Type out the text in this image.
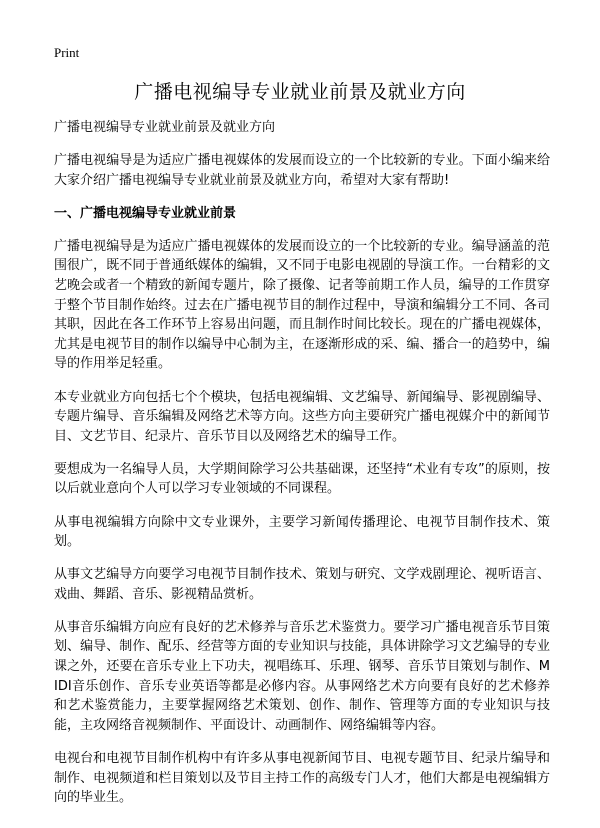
Print
广播电视编导专业就业前景及就业方向

广播电视编导专业就业前景及就业方向

广播电视编导是为适应广播电视媒体的发展而设立的一个比较新的专业。下面小编来给大家介绍广播电视编导专业就业前景及就业方向，希望对大家有帮助!

一、广播电视编导专业就业前景

广播电视编导是为适应广播电视媒体的发展而设立的一个比较新的专业。编导涵盖的范围很广，既不同于普通纸媒体的编辑，又不同于电影电视剧的导演工作。一台精彩的文艺晚会或者一个精致的新闻专题片，除了摄像、记者等前期工作人员，编导的工作贯穿于整个节目制作始终。过去在广播电视节目的制作过程中，导演和编辑分工不同、各司其职，因此在各工作环节上容易出问题，而且制作时间比较长。现在的广播电视媒体，尤其是电视节目的制作以编导中心制为主，在逐渐形成的采、编、播合一的趋势中，编导的作用举足轻重。

本专业就业方向包括七个个模块，包括电视编辑、文艺编导、新闻编导、影视剧编导、专题片编导、音乐编辑及网络艺术等方向。这些方向主要研究广播电视媒介中的新闻节目、文艺节目、纪录片、音乐节目以及网络艺术的编导工作。

要想成为一名编导人员，大学期间除学习公共基础课，还坚持“术业有专攻”的原则，按以后就业意向个人可以学习专业领域的不同课程。

从事电视编辑方向除中文专业课外，主要学习新闻传播理论、电视节目制作技术、策划。

从事文艺编导方向要学习电视节目制作技术、策划与研究、文学戏剧理论、视听语言、戏曲、舞蹈、音乐、影视精品赏析。

从事音乐编辑方向应有良好的艺术修养与音乐艺术鉴赏力。要学习广播电视音乐节目策划、编导、制作、配乐、经营等方面的专业知识与技能，具体讲除学习文艺编导的专业课之外，还要在音乐专业上下功夫，视唱练耳、乐理、钢琴、音乐节目策划与制作、MIDI音乐创作、音乐专业英语等都是必修内容。从事网络艺术方向要有良好的艺术修养和艺术鉴赏能力，主要掌握网络艺术策划、创作、制作、管理等方面的专业知识与技能，主攻网络音视频制作、平面设计、动画制作、网络编辑等内容。

电视台和电视节目制作机构中有许多从事电视新闻节目、电视专题节目、纪录片编导和制作、电视频道和栏目策划以及节目主持工作的高级专门人才，他们大都是电视编辑方向的毕业生。
